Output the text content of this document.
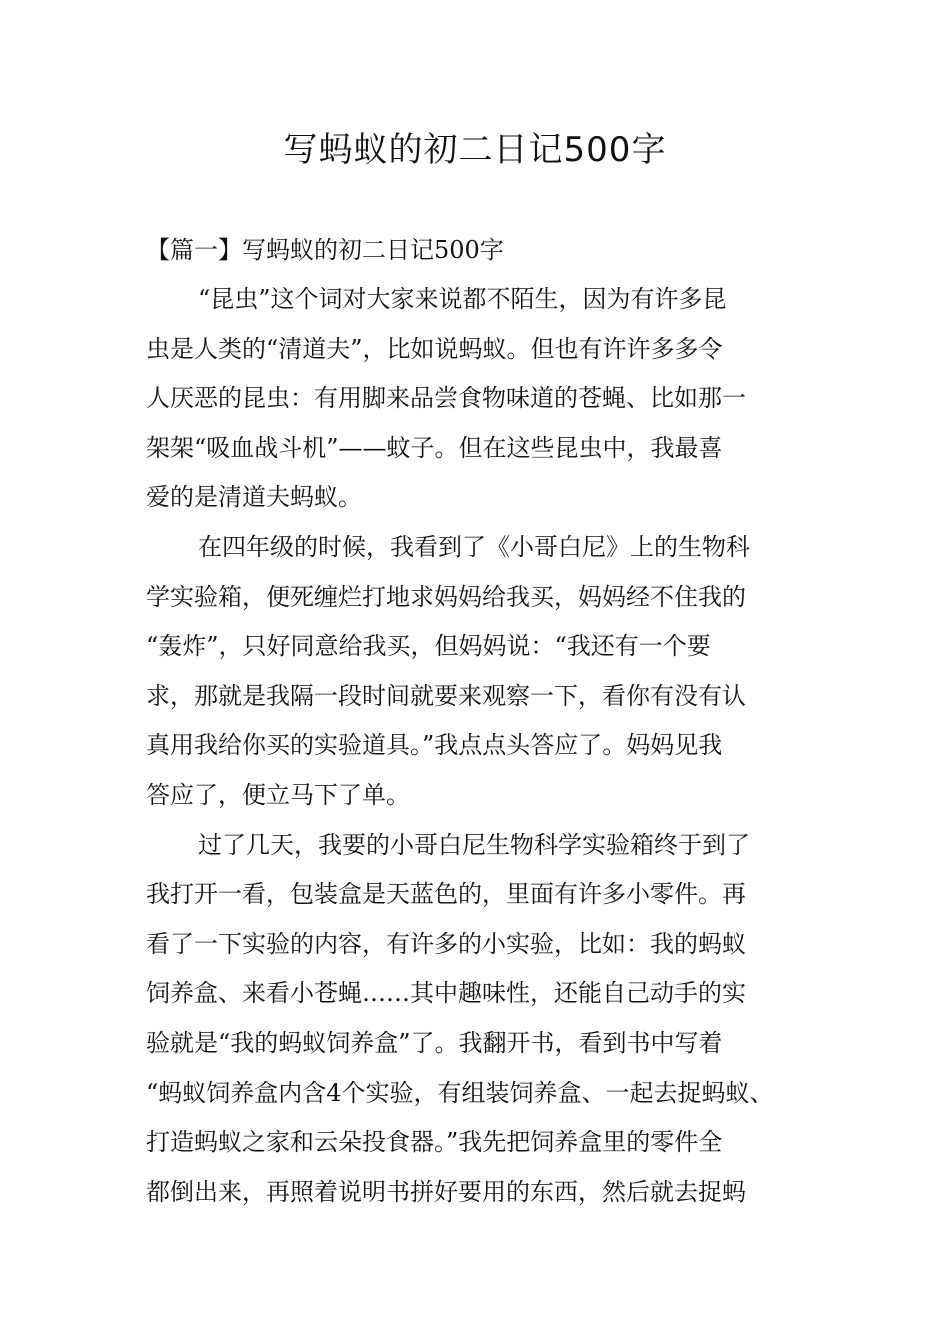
写蚂蚁的初二日记500字
【篇一】写蚂蚁的初二日记500字
“昆虫”这个词对大家来说都不陌生，因为有许多昆
虫是人类的“清道夫”，比如说蚂蚁。但也有许许多多令
人厌恶的昆虫：有用脚来品尝食物味道的苍蝇、比如那一
架架“吸血战斗机”——蚊子。但在这些昆虫中，我最喜
爱的是清道夫蚂蚁。
在四年级的时候，我看到了《小哥白尼》上的生物科
学实验箱，便死缠烂打地求妈妈给我买，妈妈经不住我的
“轰炸”，只好同意给我买，但妈妈说：“我还有一个要
求，那就是我隔一段时间就要来观察一下，看你有没有认
真用我给你买的实验道具。”我点点头答应了。妈妈见我
答应了，便立马下了单。
过了几天，我要的小哥白尼生物科学实验箱终于到了
我打开一看，包装盒是天蓝色的，里面有许多小零件。再
看了一下实验的内容，有许多的小实验，比如：我的蚂蚁
饲养盒、来看小苍蝇……其中趣味性，还能自己动手的实
验就是“我的蚂蚁饲养盒”了。我翻开书，看到书中写着
“蚂蚁饲养盒内含4个实验，有组装饲养盒、一起去捉蚂蚁、
打造蚂蚁之家和云朵投食器。”我先把饲养盒里的零件全
都倒出来，再照着说明书拼好要用的东西，然后就去捉蚂
